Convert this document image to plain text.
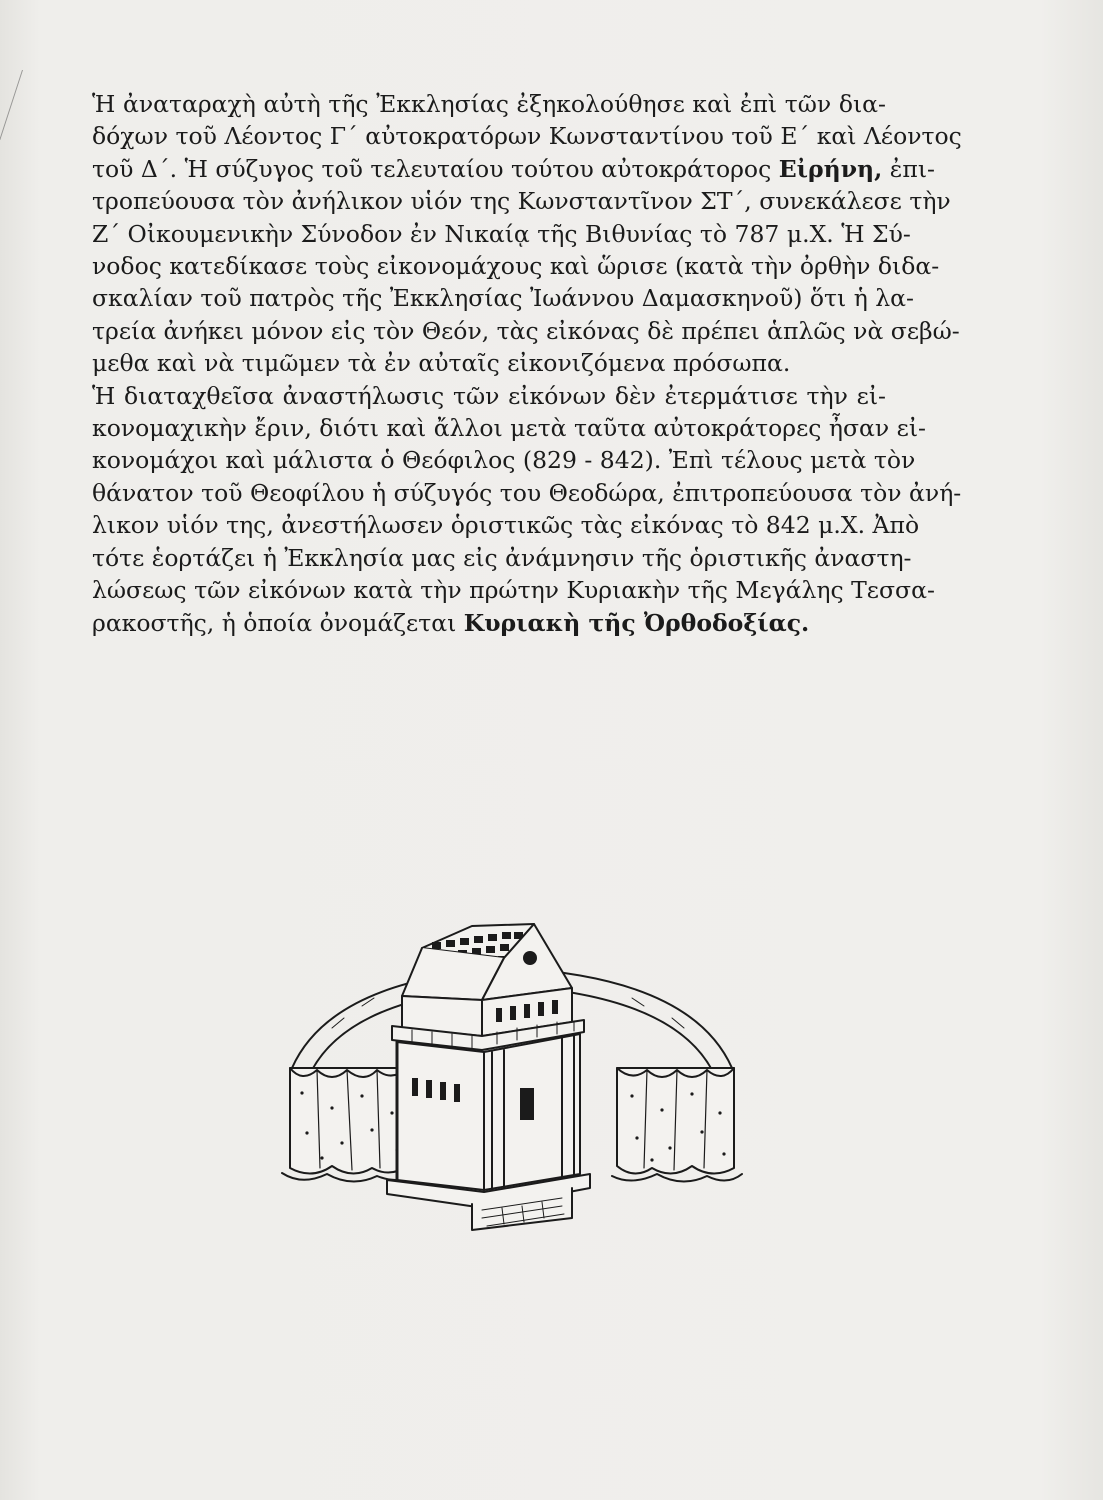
Ἡ ἀναταραχὴ αὐτὴ τῆς Ἐκκλησίας ἐξηκολούθησε καὶ ἐπὶ τῶν δια-
δόχων τοῦ Λέοντος Γ΄ αὐτοκρατόρων Κωνσταντίνου τοῦ Ε΄ καὶ Λέοντος
τοῦ Δ΄. Ἡ σύζυγος τοῦ τελευταίου τούτου αὐτοκράτορος Εἰρήνη, ἐπι-
τροπεύουσα τὸν ἀνήλικον υἱόν της Κωνσταντῖνον ΣΤ΄, συνεκάλεσε τὴν
Ζ΄ Οἰκουμενικὴν Σύνοδον ἐν Νικαίᾳ τῆς Βιθυνίας τὸ 787 μ.Χ. Ἡ Σύ-
νοδος κατεδίκασε τοὺς εἰκονομάχους καὶ ὥρισε (κατὰ τὴν ὀρθὴν διδα-
σκαλίαν τοῦ πατρὸς τῆς Ἐκκλησίας Ἰωάννου Δαμασκηνοῦ) ὅτι ἡ λα-
τρεία ἀνήκει μόνον εἰς τὸν Θεόν, τὰς εἰκόνας δὲ πρέπει ἁπλῶς νὰ σεβώ-
μεθα καὶ νὰ τιμῶμεν τὰ ἐν αὐταῖς εἰκονιζόμενα πρόσωπα.
Ἡ διαταχθεῖσα ἀναστήλωσις τῶν εἰκόνων δὲν ἐτερμάτισε τὴν εἰ-
κονομαχικὴν ἔριν, διότι καὶ ἄλλοι μετὰ ταῦτα αὐτοκράτορες ἦσαν εἰ-
κονομάχοι καὶ μάλιστα ὁ Θεόφιλος (829 - 842). Ἐπὶ τέλους μετὰ τὸν
θάνατον τοῦ Θεοφίλου ἡ σύζυγός του Θεοδώρα, ἐπιτροπεύουσα τὸν ἀνή-
λικον υἱόν της, ἀνεστήλωσεν ὁριστικῶς τὰς εἰκόνας τὸ 842 μ.Χ. Ἀπὸ
τότε ἑορτάζει ἡ Ἐκκλησία μας εἰς ἀνάμνησιν τῆς ὁριστικῆς ἀναστη-
λώσεως τῶν εἰκόνων κατὰ τὴν πρώτην Κυριακὴν τῆς Μεγάλης Τεσσα-
ρακοστῆς, ἡ ὁποία ὀνομάζεται Κυριακὴ τῆς Ὀρθοδοξίας.
